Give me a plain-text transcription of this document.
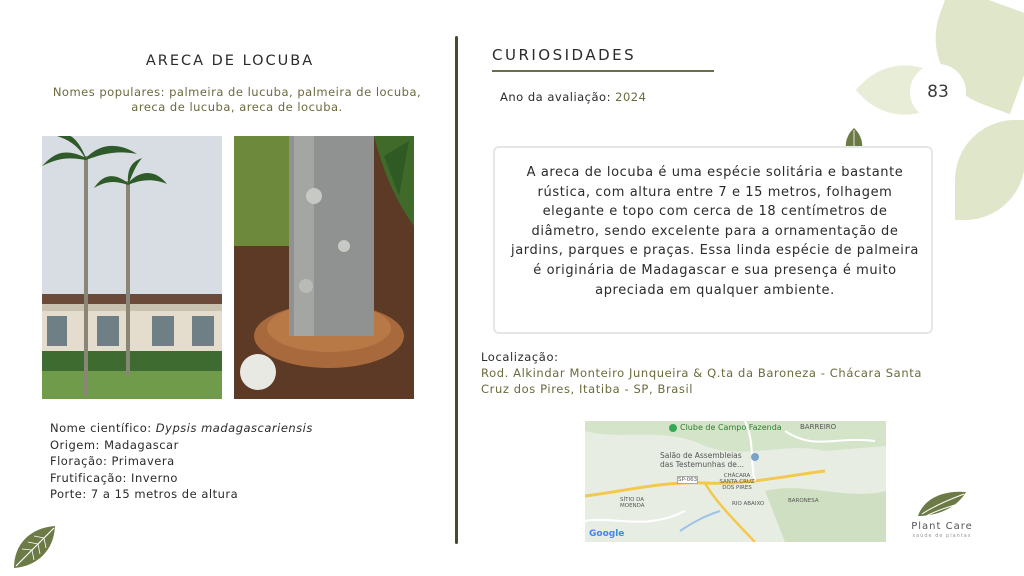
ARECA DE LOCUBA
Nomes populares: palmeira de lucuba, palmeira de locuba, areca de lucuba, areca de locuba.
Nome científico: Dypsis madagascariensis
Origem: Madagascar
Floração: Primavera
Frutificação: Inverno
Porte: 7 a 15 metros de altura
83
CURIOSIDADES
Ano da avaliação: 2024
A areca de locuba é uma espécie solitária e bastante rústica, com altura entre 7 e 15 metros, folhagem elegante e topo com cerca de 18 centímetros de diâmetro, sendo excelente para a ornamentação de jardins, parques e praças. Essa linda espécie de palmeira é originária de Madagascar e sua presença é muito apreciada em qualquer ambiente.
Localização:
Rod. Alkindar Monteiro Junqueira & Q.ta da Baroneza - Chácara Santa Cruz dos Pires, Itatiba - SP, Brasil
Clube de Campo Fazenda	BARREIRO
Salão de Assembleias das Testemunhas de...
SP-063
CHÁCARA SANTA CRUZ DOS PIRES
SÍTIO DA MOENDA	RIO ABAIXO	BARONESA
Google
Plant Care
saúde de plantas
